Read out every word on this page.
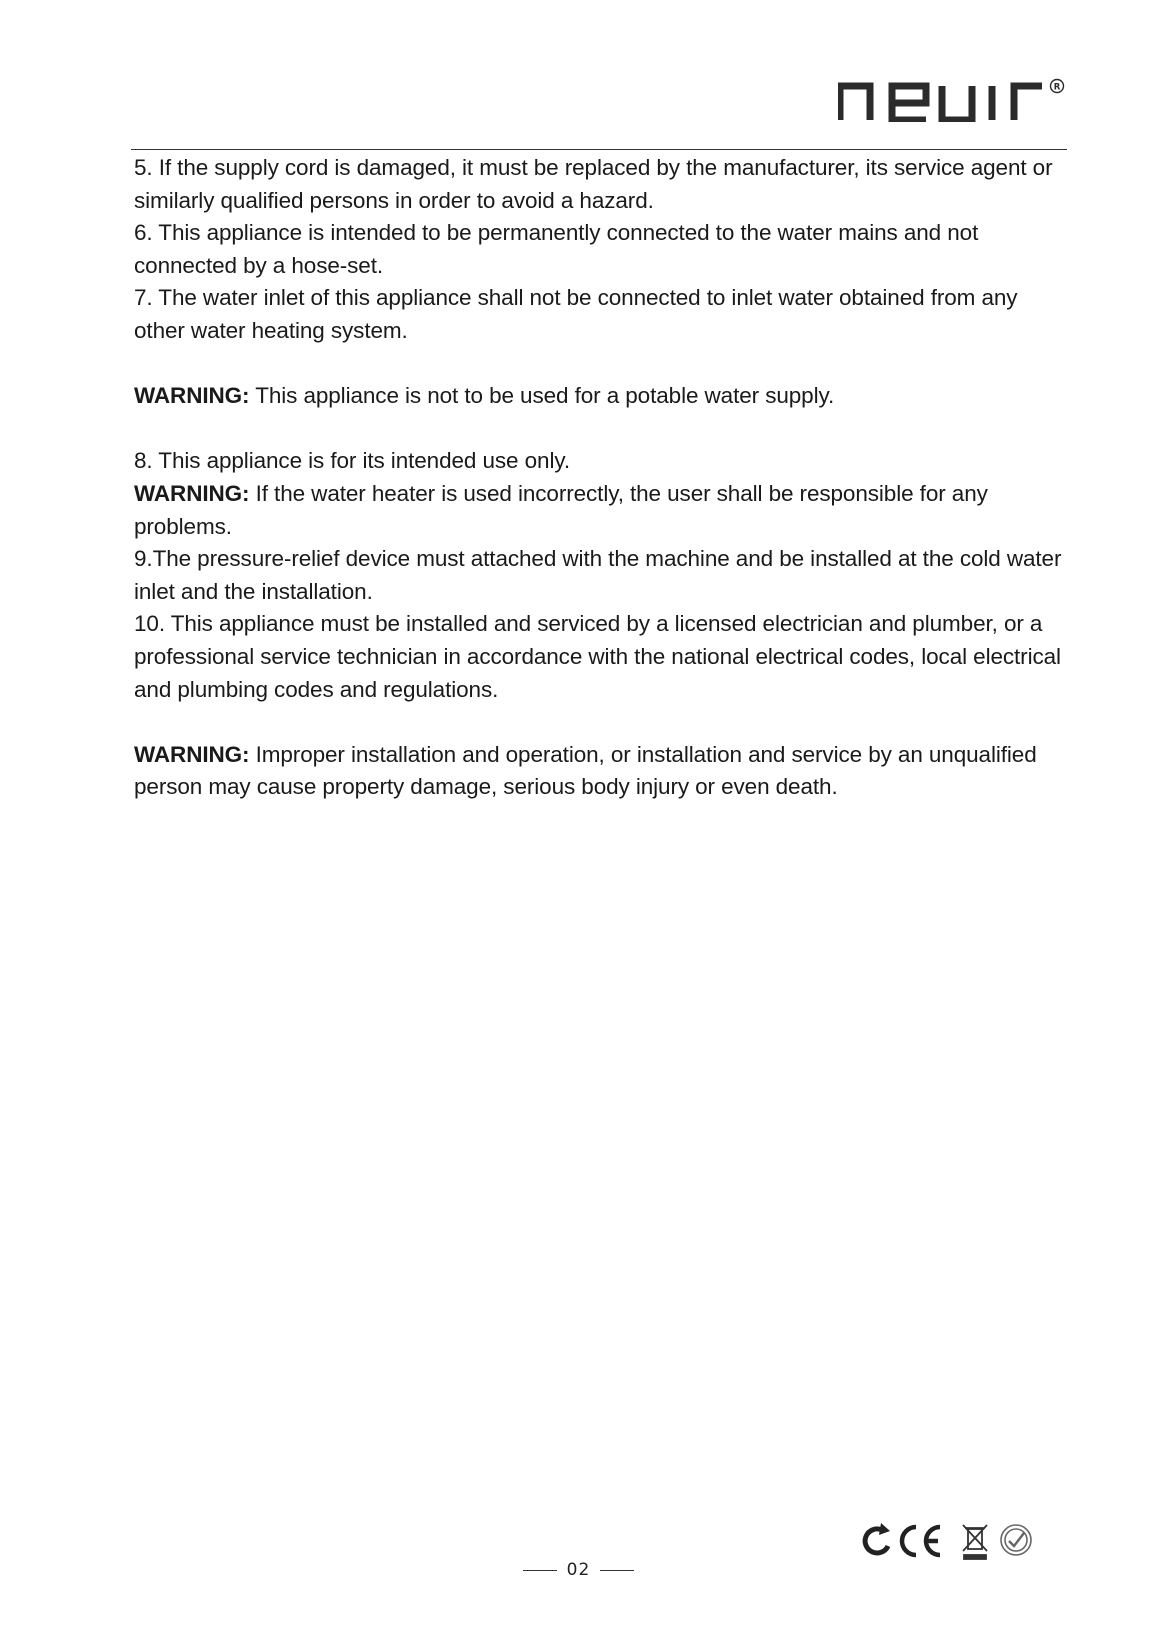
R

5. If the supply cord is damaged, it must be replaced by the manufacturer, its service agent or similarly qualified persons in order to avoid a hazard.

6. This appliance is intended to be permanently connected to the water mains and not connected by a hose-set.

7. The water inlet of this appliance shall not be connected to inlet water obtained from any other water heating system.

WARNING: This appliance is not to be used for a potable water supply.

8. This appliance is for its intended use only.

WARNING: If the water heater is used incorrectly, the user shall be responsible for any problems.

9.The pressure-relief device must attached with the machine and be installed at the cold water inlet and the installation.

10. This appliance must be installed and serviced by a licensed electrician and plumber, or a professional service technician in accordance with the national electrical codes, local electrical and plumbing codes and regulations.

WARNING: Improper installation and operation, or installation and service by an unqualified person may cause property damage, serious body injury or even death.

02
